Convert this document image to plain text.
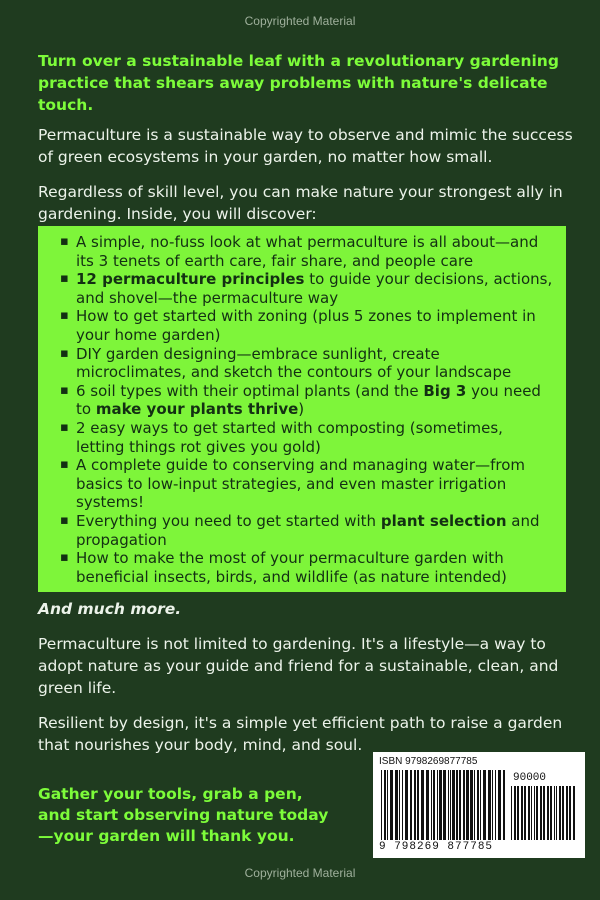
Copyrighted Material
Turn over a sustainable leaf with a revolutionary gardening practice that shears away problems with nature's delicate touch.
Permaculture is a sustainable way to observe and mimic the success of green ecosystems in your garden, no matter how small.
Regardless of skill level, you can make nature your strongest ally in gardening. Inside, you will discover:
▪ A simple, no-fuss look at what permaculture is all about—and its 3 tenets of earth care, fair share, and people care
▪ 12 permaculture principles to guide your decisions, actions, and shovel—the permaculture way
▪ How to get started with zoning (plus 5 zones to implement in your home garden)
▪ DIY garden designing—embrace sunlight, create microclimates, and sketch the contours of your landscape
▪ 6 soil types with their optimal plants (and the Big 3 you need to make your plants thrive)
▪ 2 easy ways to get started with composting (sometimes, letting things rot gives you gold)
▪ A complete guide to conserving and managing water—from basics to low-input strategies, and even master irrigation systems!
▪ Everything you need to get started with plant selection and propagation
▪ How to make the most of your permaculture garden with beneficial insects, birds, and wildlife (as nature intended)
And much more.
Permaculture is not limited to gardening. It's a lifestyle—a way to adopt nature as your guide and friend for a sustainable, clean, and green life.
Resilient by design, it's a simple yet efficient path to raise a garden that nourishes your body, mind, and soul.
Gather your tools, grab a pen, and start observing nature today—your garden will thank you.
ISBN 9798269877785
90000
9 798269 877785
Copyrighted Material
